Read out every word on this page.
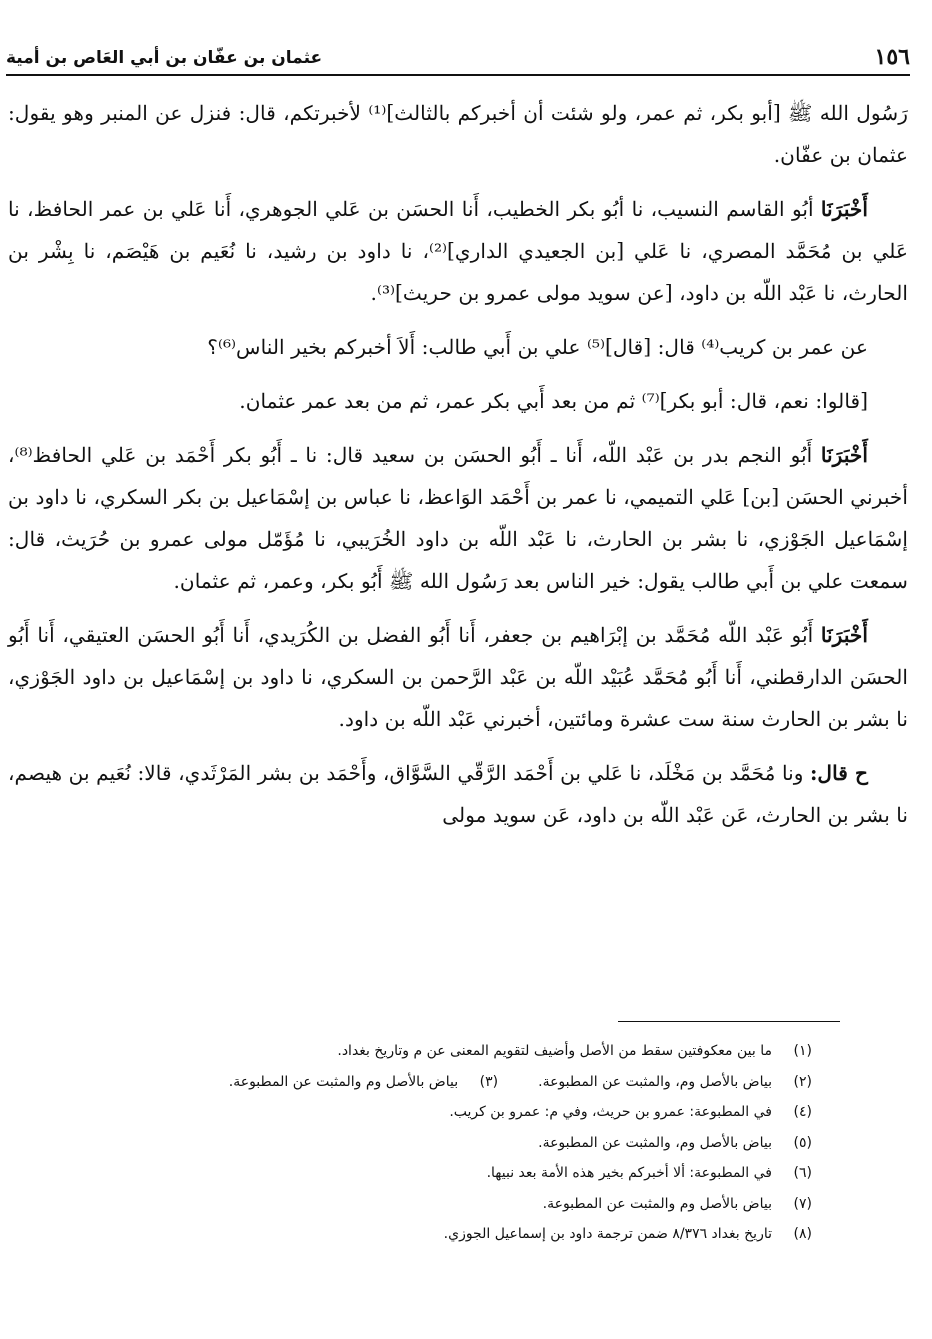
١٥٦
عثمان بن عفّان بن أبي العَاص بن أمية

رَسُول الله ﷺ [أبو بكر، ثم عمر، ولو شئت أن أخبركم بالثالث]⁽¹⁾ لأخبرتكم، قال: فنزل عن المنبر وهو يقول: عثمان بن عفّان.

أَخْبَرَنَا أبُو القاسم النسيب، نا أبُو بكر الخطيب، أَنا الحسَن بن عَلي الجوهري، أَنا عَلي بن عمر الحافظ، نا عَلي بن مُحَمَّد المصري، نا عَلي [بن الجعيدي الداري]⁽²⁾، نا داود بن رشيد، نا نُعَيم بن هَيْصَم، نا بِشْر بن الحارث، نا عَبْد اللّه بن داود، [عن سويد مولى عمرو بن حريث]⁽³⁾.

عن عمر بن كريب⁽⁴⁾ قال: [قال]⁽⁵⁾ علي بن أَبي طالب: أَلاَ أخبركم بخير الناس⁽⁶⁾؟

[قالوا: نعم، قال: أبو بكر]⁽⁷⁾ ثم من بعد أَبي بكر عمر، ثم من بعد عمر عثمان.

أَخْبَرَنَا أَبُو النجم بدر بن عَبْد اللّه، أَنا ـ أَبُو الحسَن بن سعيد قال: نا ـ أَبُو بكر أَحْمَد بن عَلي الحافظ⁽⁸⁾، أخبرني الحسَن [بن] عَلي التميمي، نا عمر بن أَحْمَد الوَاعظ، نا عباس بن إسْمَاعيل بن بكر السكري، نا داود بن إسْمَاعيل الجَوْزي، نا بشر بن الحارث، نا عَبْد اللّه بن داود الخُرَيبي، نا مُؤَمّل مولى عمرو بن حُرَيث، قال: سمعت علي بن أَبي طالب يقول: خير الناس بعد رَسُول الله ﷺ أَبُو بكر، وعمر، ثم عثمان.

أَخْبَرَنَا أَبُو عَبْد اللّه مُحَمَّد بن إبْرَاهيم بن جعفر، أَنا أَبُو الفضل بن الكُرَيدي، أَنا أَبُو الحسَن العتيقي، أَنا أَبُو الحسَن الدارقطني، أَنا أَبُو مُحَمَّد عُبَيْد اللّه بن عَبْد الرَّحمن بن السكري، نا داود بن إسْمَاعيل بن داود الجَوْزي، نا بشر بن الحارث سنة ست عشرة ومائتين، أخبرني عَبْد اللّه بن داود.

ح قال: ونا مُحَمَّد بن مَخْلَد، نا عَلي بن أَحْمَد الرَّقّي السَّوَّاق، وأَحْمَد بن بشر المَرْثَدي، قالا: نُعَيم بن هيصم، نا بشر بن الحارث، عَن عَبْد اللّه بن داود، عَن سويد مولى

(١)
ما بين معكوفتين سقط من الأصل وأضيف لتقويم المعنى عن م وتاريخ بغداد.
(٢)
بياض بالأصل وم، والمثبت عن المطبوعة.
(٣)
بياض بالأصل وم والمثبت عن المطبوعة.
(٤)
في المطبوعة: عمرو بن حريث، وفي م: عمرو بن كريب.
(٥)
بياض بالأصل وم، والمثبت عن المطبوعة.
(٦)
في المطبوعة: ألا أخبركم بخير هذه الأمة بعد نبيها.
(٧)
بياض بالأصل وم والمثبت عن المطبوعة.
(٨)
تاريخ بغداد ٨/٣٧٦ ضمن ترجمة داود بن إسماعيل الجوزي.
